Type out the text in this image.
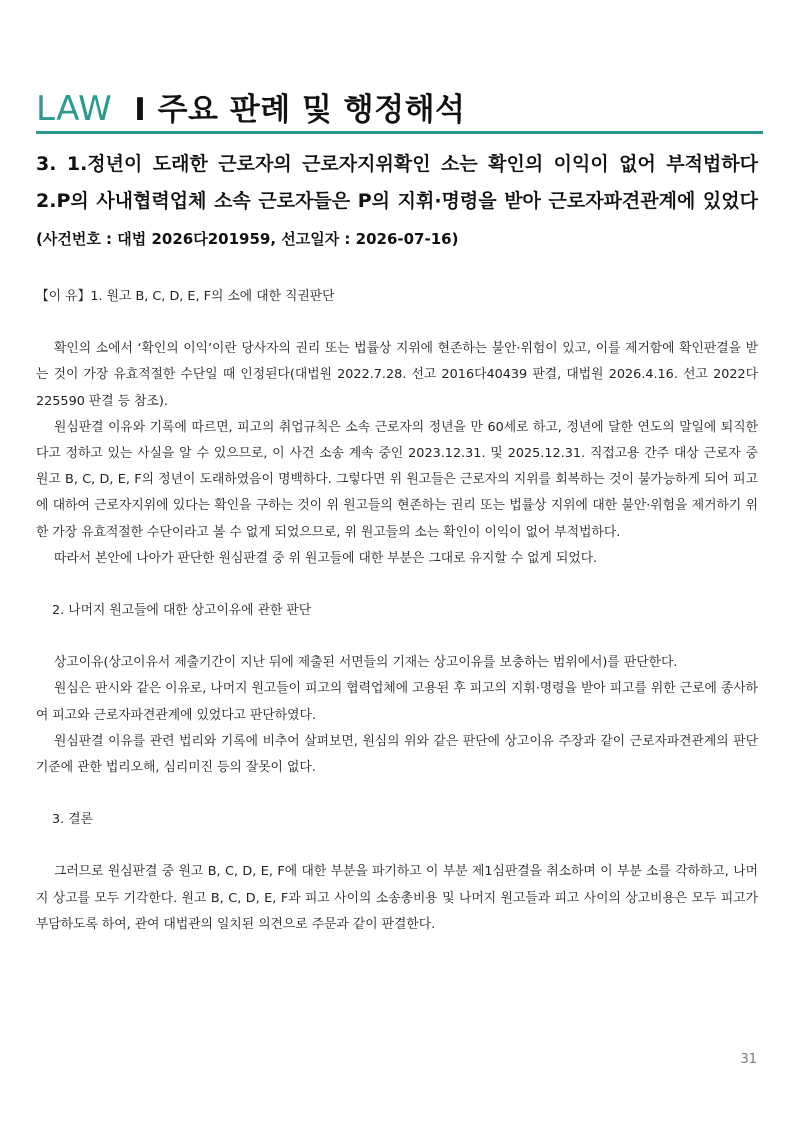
LAW I 주요 판례 및 행정해석
3. 1.정년이 도래한 근로자의 근로자지위확인 소는 확인의 이익이 없어 부적법하다 2.P의 사내협력업체 소속 근로자들은 P의 지휘·명령을 받아 근로자파견관계에 있었다 (사건번호 : 대법 2026다201959, 선고일자 : 2026-07-16)

【이 유】1. 원고 B, C, D, E, F의 소에 대한 직권판단

확인의 소에서 ‘확인의 이익’이란 당사자의 권리 또는 법률상 지위에 현존하는 불안·위험이 있고, 이를 제거함에 확인판결을 받는 것이 가장 유효적절한 수단일 때 인정된다(대법원 2022.7.28. 선고 2016다40439 판결, 대법원 2026.4.16. 선고 2022다225590 판결 등 참조).

원심판결 이유와 기록에 따르면, 피고의 취업규칙은 소속 근로자의 정년을 만 60세로 하고, 정년에 달한 연도의 말일에 퇴직한다고 정하고 있는 사실을 알 수 있으므로, 이 사건 소송 계속 중인 2023.12.31. 및 2025.12.31. 직접고용 간주 대상 근로자 중 원고 B, C, D, E, F의 정년이 도래하였음이 명백하다. 그렇다면 위 원고들은 근로자의 지위를 회복하는 것이 불가능하게 되어 피고에 대하여 근로자지위에 있다는 확인을 구하는 것이 위 원고들의 현존하는 권리 또는 법률상 지위에 대한 불안·위험을 제거하기 위한 가장 유효적절한 수단이라고 볼 수 없게 되었으므로, 위 원고들의 소는 확인이 이익이 없어 부적법하다.

따라서 본안에 나아가 판단한 원심판결 중 위 원고들에 대한 부분은 그대로 유지할 수 없게 되었다.

2. 나머지 원고들에 대한 상고이유에 관한 판단

상고이유(상고이유서 제출기간이 지난 뒤에 제출된 서면들의 기재는 상고이유를 보충하는 범위에서)를 판단한다.

원심은 판시와 같은 이유로, 나머지 원고들이 피고의 협력업체에 고용된 후 피고의 지휘·명령을 받아 피고를 위한 근로에 종사하여 피고와 근로자파견관계에 있었다고 판단하였다.

원심판결 이유를 관련 법리와 기록에 비추어 살펴보면, 원심의 위와 같은 판단에 상고이유 주장과 같이 근로자파견관계의 판단기준에 관한 법리오해, 심리미진 등의 잘못이 없다.

3. 결론

그러므로 원심판결 중 원고 B, C, D, E, F에 대한 부분을 파기하고 이 부분 제1심판결을 취소하며 이 부분 소를 각하하고, 나머지 상고를 모두 기각한다. 원고 B, C, D, E, F과 피고 사이의 소송총비용 및 나머지 원고들과 피고 사이의 상고비용은 모두 피고가 부담하도록 하여, 관여 대법관의 일치된 의견으로 주문과 같이 판결한다.

31
